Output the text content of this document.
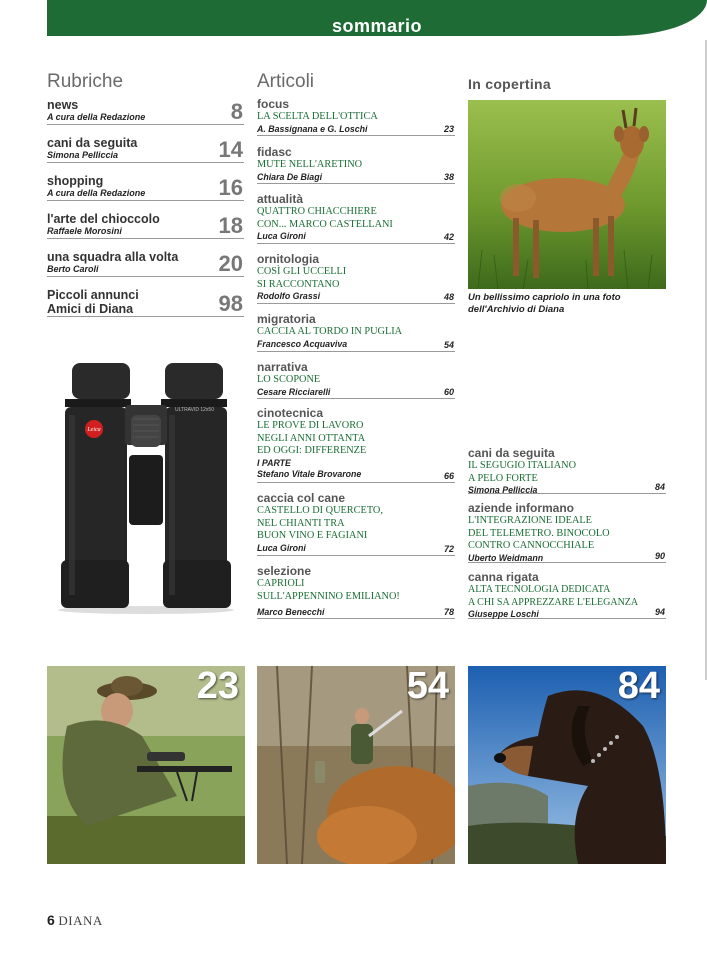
sommario
Rubriche	Articoli	In copertina
news
A cura della Redazione	8
cani da seguita
Simona Pelliccia	14
shopping
A cura della Redazione	16
l'arte del chioccolo
Raffaele Morosini	18
una squadra alla volta
Berto Caroli	20
Piccoli annunci
Amici di Diana	98
ULTRAVID 12x50
Leica
focus
LA SCELTA DELL'OTTICA
A. Bassignana e G. Loschi	23
fidasc
MUTE NELL'ARETINO
Chiara De Biagi	38
attualità
QUATTRO CHIACCHIERE
CON... MARCO CASTELLANI
Luca Gironi	42
ornitologia
COSÌ GLI UCCELLI
SI RACCONTANO
Rodolfo Grassi	48
migratoria
CACCIA AL TORDO IN PUGLIA
Francesco Acquaviva	54
narrativa
LO SCOPONE
Cesare Ricciarelli	60
cinotecnica
LE PROVE DI LAVORO
NEGLI ANNI OTTANTA
ED OGGI: DIFFERENZE
I PARTE
Stefano Vitale Brovarone	66
caccia col cane
CASTELLO DI QUERCETO,
NEL CHIANTI TRA
BUON VINO E FAGIANI
Luca Gironi	72
selezione
CAPRIOLI
SULL'APPENNINO EMILIANO!
Marco Benecchi	78
Un bellissimo capriolo in una foto dell'Archivio di Diana
cani da seguita
IL SEGUGIO ITALIANO
A PELO FORTE
Simona Pelliccia	84
aziende informano
L'INTEGRAZIONE IDEALE
DEL TELEMETRO. BINOCOLO
CONTRO CANNOCCHIALE
Uberto Weidmann	90
canna rigata
ALTA TECNOLOGIA DEDICATA
A CHI SA APPREZZARE L'ELEGANZA
Giuseppe Loschi	94
23	54	84
6 DIANA
